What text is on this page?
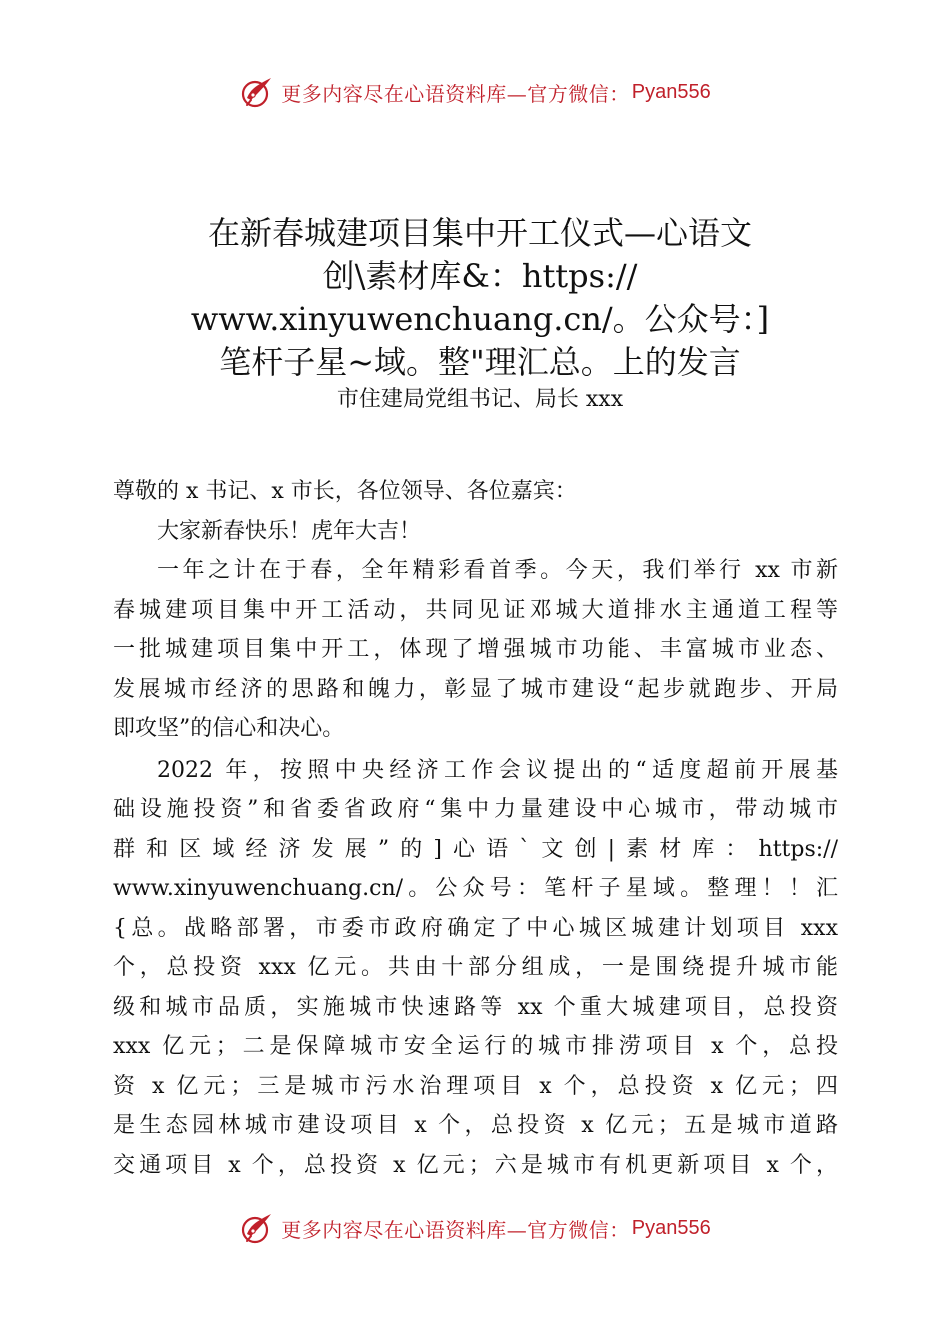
更多内容尽在心语资料库—官方微信： Pyan556
在新春城建项目集中开工仪式—心语文
创\素材库&：https://
www.xinyuwenchuang.cn/。公众号：]
笔杆子星~域。整"理汇总。上的发言
市住建局党组书记、局长 xxx

尊敬的 x 书记、x 市长，各位领导、各位嘉宾：

大家新春快乐！虎年大吉！

一年之计在于春，全年精彩看首季。今天，我们举行 xx 市新
春城建项目集中开工活动，共同见证邓城大道排水主通道工程等
一批城建项目集中开工，体现了增强城市功能、丰富城市业态、
发展城市经济的思路和魄力，彰显了城市建设“起步就跑步、开局
即攻坚”的信心和决心。
2022 年，按照中央经济工作会议提出的“适度超前开展基
础设施投资”和省委省政府“集中力量建设中心城市，带动城市
群和区域经济发展”的]心语`文创|素材库：https://
www.xinyuwenchuang.cn/。公众号：笔杆子星域。整理！！汇
{总。战略部署，市委市政府确定了中心城区城建计划项目 xxx
个，总投资 xxx 亿元。共由十部分组成，一是围绕提升城市能
级和城市品质，实施城市快速路等 xx 个重大城建项目，总投资
xxx 亿元；二是保障城市安全运行的城市排涝项目 x 个，总投
资 x 亿元；三是城市污水治理项目 x 个，总投资 x 亿元；四
是生态园林城市建设项目 x 个，总投资 x 亿元；五是城市道路
交通项目 x 个，总投资 x 亿元；六是城市有机更新项目 x 个，
更多内容尽在心语资料库—官方微信： Pyan556
